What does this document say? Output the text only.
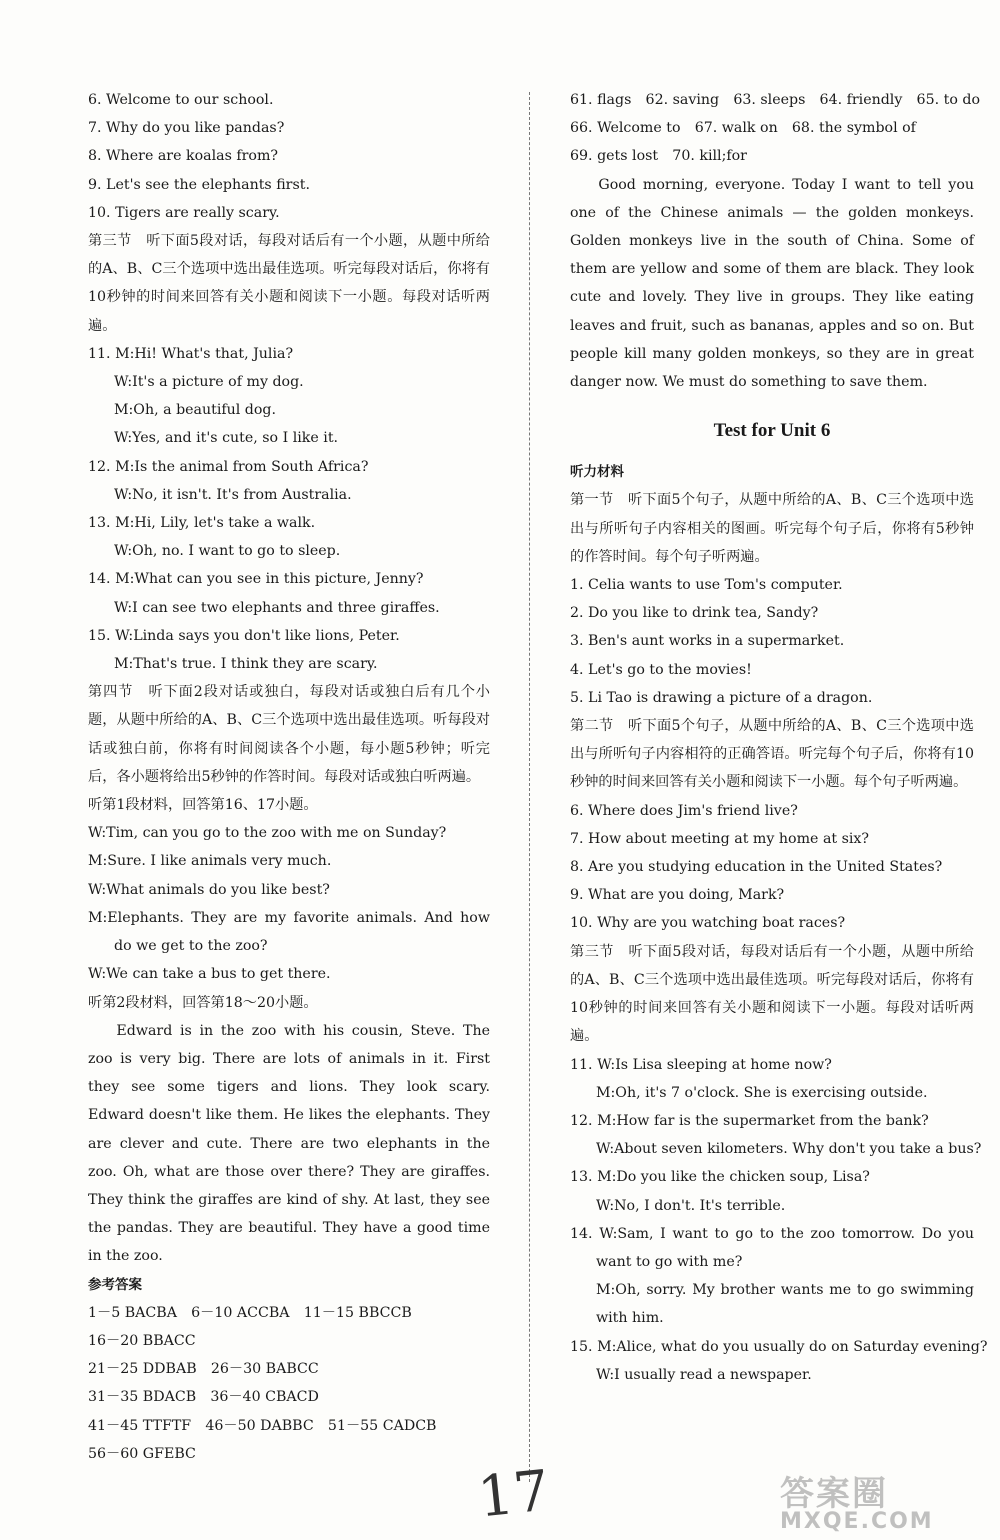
6. Welcome to our school.
7. Why do you like pandas?
8. Where are koalas from?
9. Let's see the elephants first.
10. Tigers are really scary.
第三节　听下面5段对话，每段对话后有一个小题，从题中所给的A、B、C三个选项中选出最佳选项。听完每段对话后，你将有10秒钟的时间来回答有关小题和阅读下一小题。每段对话听两遍。
11. M:Hi! What's that, Julia?
W:It's a picture of my dog.
M:Oh, a beautiful dog.
W:Yes, and it's cute, so I like it.
12. M:Is the animal from South Africa?
W:No, it isn't. It's from Australia.
13. M:Hi, Lily, let's take a walk.
W:Oh, no. I want to go to sleep.
14. M:What can you see in this picture, Jenny?
W:I can see two elephants and three giraffes.
15. W:Linda says you don't like lions, Peter.
M:That's true. I think they are scary.
第四节　听下面2段对话或独白，每段对话或独白后有几个小题，从题中所给的A、B、C三个选项中选出最佳选项。听每段对话或独白前，你将有时间阅读各个小题，每小题5秒钟；听完后，各小题将给出5秒钟的作答时间。每段对话或独白听两遍。
听第1段材料，回答第16、17小题。
W:Tim, can you go to the zoo with me on Sunday?
M:Sure. I like animals very much.
W:What animals do you like best?
M:Elephants. They are my favorite animals. And how do we get to the zoo?
W:We can take a bus to get there.
听第2段材料，回答第18～20小题。
Edward is in the zoo with his cousin, Steve. The zoo is very big. There are lots of animals in it. First they see some tigers and lions. They look scary. Edward doesn't like them. He likes the elephants. They are clever and cute. There are two elephants in the zoo. Oh, what are those over there? They are giraffes. They think the giraffes are kind of shy. At last, they see the pandas. They are beautiful. They have a good time in the zoo.
参考答案
1－5 BACBA　6－10 ACCBA　11－15 BBCCB
16－20 BBACC
21－25 DDBAB　26－30 BABCC
31－35 BDACB　36－40 CBACD
41－45 TTFTF　46－50 DABBC　51－55 CADCB
56－60 GFEBC
61. flags　62. saving　63. sleeps　64. friendly　65. to do
66. Welcome to　67. walk on　68. the symbol of
69. gets lost　70. kill;for
Good morning, everyone. Today I want to tell you one of the Chinese animals — the golden monkeys. Golden monkeys live in the south of China. Some of them are yellow and some of them are black. They look cute and lovely. They live in groups. They like eating leaves and fruit, such as bananas, apples and so on. But people kill many golden monkeys, so they are in great danger now. We must do something to save them.
Test for Unit 6
听力材料
第一节　听下面5个句子，从题中所给的A、B、C三个选项中选出与所听句子内容相关的图画。听完每个句子后，你将有5秒钟的作答时间。每个句子听两遍。
1. Celia wants to use Tom's computer.
2. Do you like to drink tea, Sandy?
3. Ben's aunt works in a supermarket.
4. Let's go to the movies!
5. Li Tao is drawing a picture of a dragon.
第二节　听下面5个句子，从题中所给的A、B、C三个选项中选出与所听句子内容相符的正确答语。听完每个句子后，你将有10秒钟的时间来回答有关小题和阅读下一小题。每个句子听两遍。
6. Where does Jim's friend live?
7. How about meeting at my home at six?
8. Are you studying education in the United States?
9. What are you doing, Mark?
10. Why are you watching boat races?
第三节　听下面5段对话，每段对话后有一个小题，从题中所给的A、B、C三个选项中选出最佳选项。听完每段对话后，你将有10秒钟的时间来回答有关小题和阅读下一小题。每段对话听两遍。
11. W:Is Lisa sleeping at home now?
M:Oh, it's 7 o'clock. She is exercising outside.
12. M:How far is the supermarket from the bank?
W:About seven kilometers. Why don't you take a bus?
13. M:Do you like the chicken soup, Lisa?
W:No, I don't. It's terrible.
14. W:Sam, I want to go to the zoo tomorrow. Do you want to go with me?
M:Oh, sorry. My brother wants me to go swimming with him.
15. M:Alice, what do you usually do on Saturday evening?
W:I usually read a newspaper.
17	答案圈
MXQE.COM
